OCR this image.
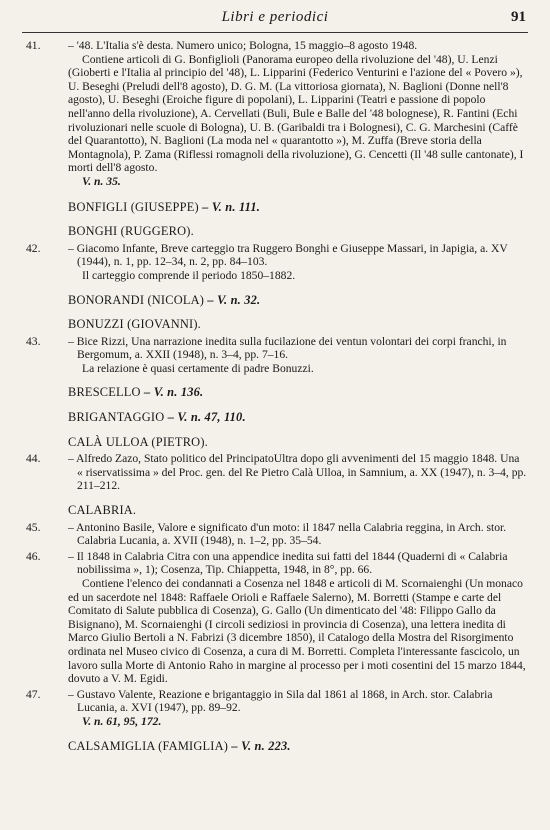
Libri e periodici	91
41. – '48. L'Italia s'è desta. Numero unico; Bologna, 15 maggio–8 agosto 1948.

Contiene articoli di G. Bonfiglioli (Panorama europeo della rivoluzione del '48), U. Lenzi (Gioberti e l'Italia al principio del '48), L. Lipparini (Federico Venturini e l'azione del « Povero »), U. Beseghi (Preludi dell'8 agosto), D. G. M. (La vittoriosa giornata), N. Baglioni (Donne nell'8 agosto), U. Beseghi (Eroiche figure di popolani), L. Lipparini (Teatri e passione di popolo nell'anno della rivoluzione), A. Cervellati (Buli, Bule e Balle del '48 bolognese), R. Fantini (Echi rivoluzionari nelle scuole di Bologna), U. B. (Garibaldi tra i Bolognesi), C. G. Marchesini (Caffè del Quarantotto), N. Baglioni (La moda nel « quarantotto »), M. Zuffa (Breve storia della Montagnola), P. Zama (Riflessi romagnoli della rivoluzione), G. Cencetti (Il '48 sulle cantonate), I morti dell'8 agosto.

V. n. 35.

BONFIGLI (GIUSEPPE) – V. n. 111.
BONGHI (RUGGERO).
42. – Giacomo Infante, Breve carteggio tra Ruggero Bonghi e Giuseppe Massari, in Japigia, a. XV (1944), n. 1, pp. 12–34, n. 2, pp. 84–103.

Il carteggio comprende il periodo 1850–1882.

BONORANDI (NICOLA) – V. n. 32.
BONUZZI (GIOVANNI).
43. – Bice Rizzi, Una narrazione inedita sulla fucilazione dei ventun volontari dei corpi franchi, in Bergomum, a. XXII (1948), n. 3–4, pp. 7–16.

La relazione è quasi certamente di padre Bonuzzi.

BRESCELLO – V. n. 136.
BRIGANTAGGIO – V. n. 47, 110.
CALÀ ULLOA (PIETRO).
44. – Alfredo Zazo, Stato politico del PrincipatoUltra dopo gli avvenimenti del 15 maggio 1848. Una « riservatissima » del Proc. gen. del Re Pietro Calà Ulloa, in Samnium, a. XX (1947), n. 3–4, pp. 211–212.

CALABRIA.
45. – Antonino Basile, Valore e significato d'un moto: il 1847 nella Calabria reggina, in Arch. stor. Calabria Lucania, a. XVII (1948), n. 1–2, pp. 35–54.

46. – Il 1848 in Calabria Citra con una appendice inedita sui fatti del 1844 (Quaderni di « Calabria nobilissima », 1); Cosenza, Tip. Chiappetta, 1948, in 8°, pp. 66.

Contiene l'elenco dei condannati a Cosenza nel 1848 e articoli di M. Scornaienghi (Un monaco ed un sacerdote nel 1848: Raffaele Orioli e Raffaele Salerno), M. Borretti (Stampe e carte del Comitato di Salute pubblica di Cosenza), G. Gallo (Un dimenticato del '48: Filippo Gallo da Bisignano), M. Scornaienghi (I circoli sediziosi in provincia di Cosenza), una lettera inedita di Marco Giulio Bertoli a N. Fabrizi (3 dicembre 1850), il Catalogo della Mostra del Risorgimento ordinata nel Museo civico di Cosenza, a cura di M. Borretti. Completa l'interessante fascicolo, un lavoro sulla Morte di Antonio Raho in margine al processo per i moti cosentini del 15 marzo 1844, dovuto a V. M. Egidi.

47. – Gustavo Valente, Reazione e brigantaggio in Sila dal 1861 al 1868, in Arch. stor. Calabria Lucania, a. XVI (1947), pp. 89–92.

V. n. 61, 95, 172.

CALSAMIGLIA (FAMIGLIA) – V. n. 223.
